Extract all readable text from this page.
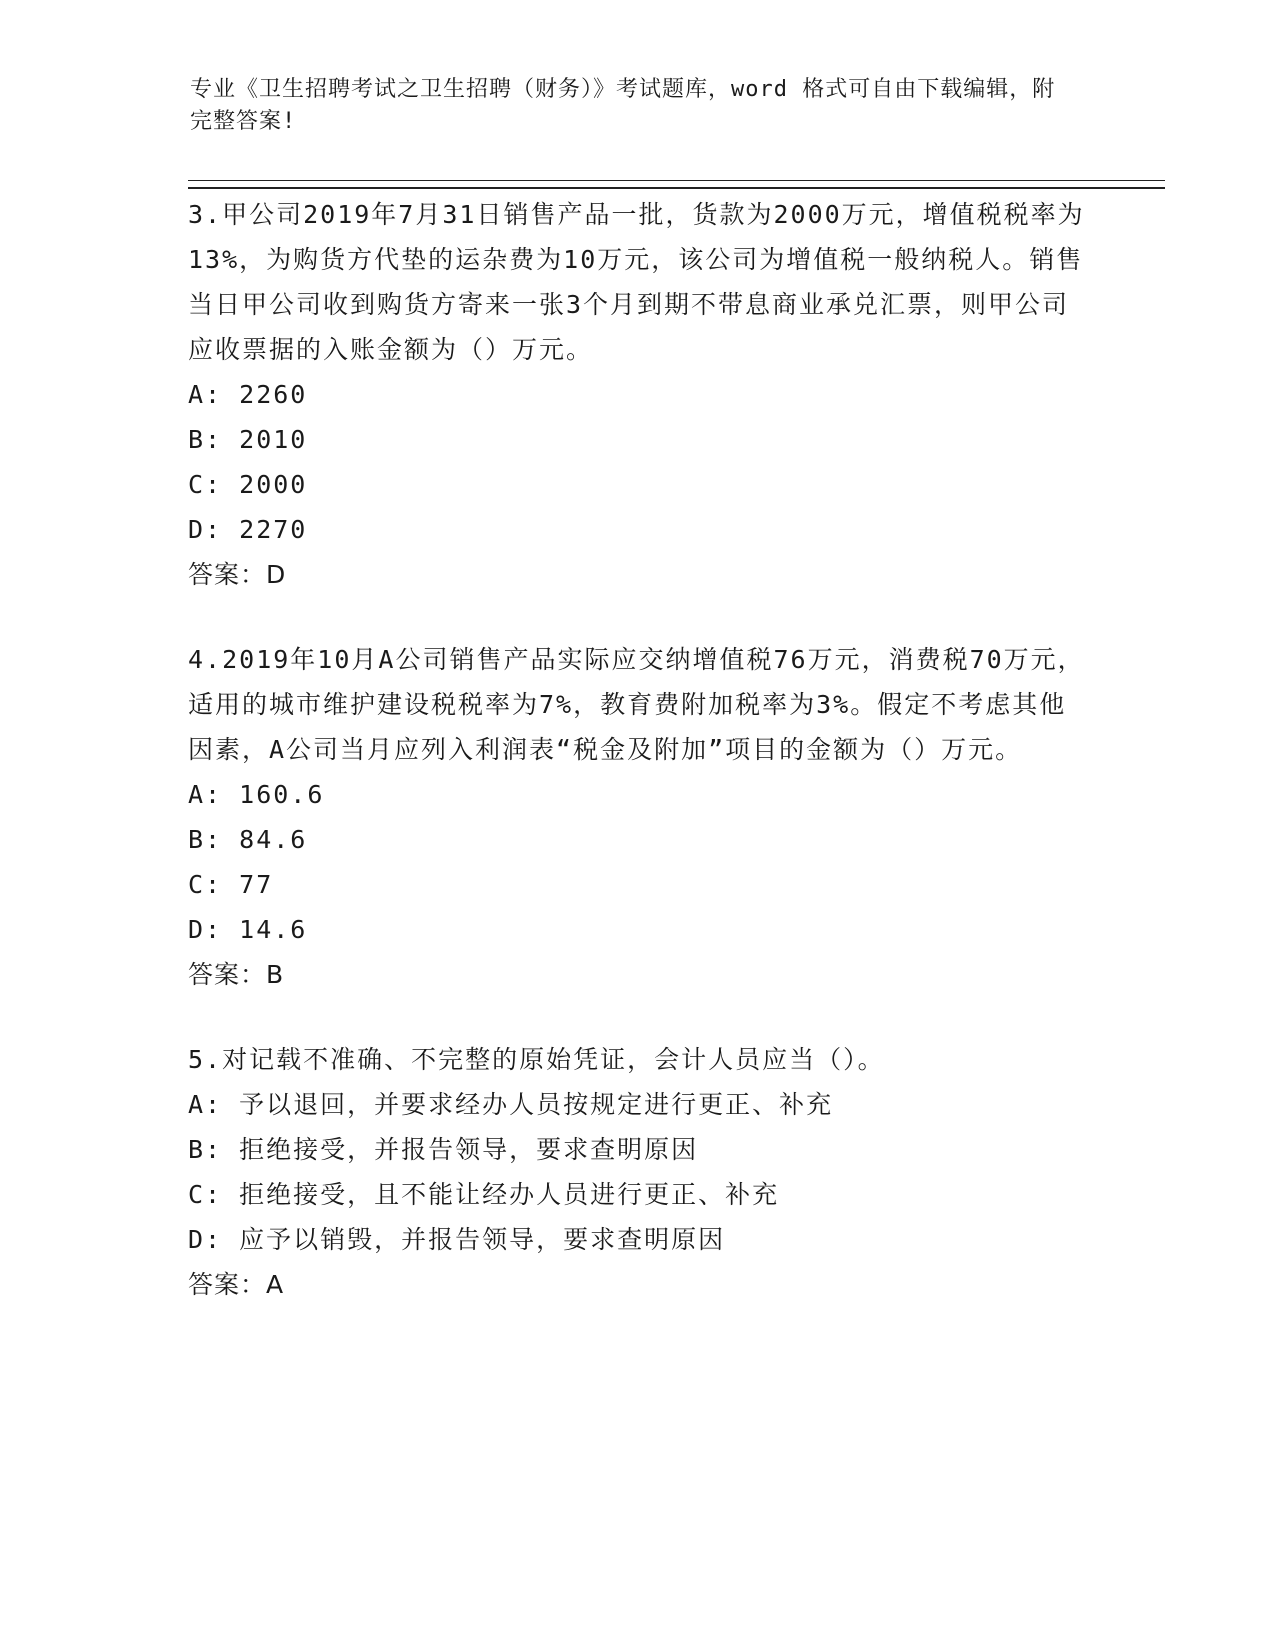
专业《卫生招聘考试之卫生招聘（财务）》考试题库，word 格式可自由下载编辑，附完整答案!

3.甲公司2019年7月31日销售产品一批，货款为2000万元，增值税税率为13%，为购货方代垫的运杂费为10万元，该公司为增值税一般纳税人。销售当日甲公司收到购货方寄来一张3个月到期不带息商业承兑汇票，则甲公司应收票据的入账金额为（）万元。

A: 2260

B: 2010

C: 2000

D: 2270

答案：D

4.2019年10月A公司销售产品实际应交纳增值税76万元，消费税70万元，适用的城市维护建设税税率为7%，教育费附加税率为3%。假定不考虑其他因素，A公司当月应列入利润表“税金及附加”项目的金额为（）万元。

A: 160.6

B: 84.6

C: 77

D: 14.6

答案：B

5.对记载不准确、不完整的原始凭证，会计人员应当（）。

A: 予以退回，并要求经办人员按规定进行更正、补充

B: 拒绝接受，并报告领导，要求查明原因

C: 拒绝接受，且不能让经办人员进行更正、补充

D: 应予以销毁，并报告领导，要求查明原因

答案：A
